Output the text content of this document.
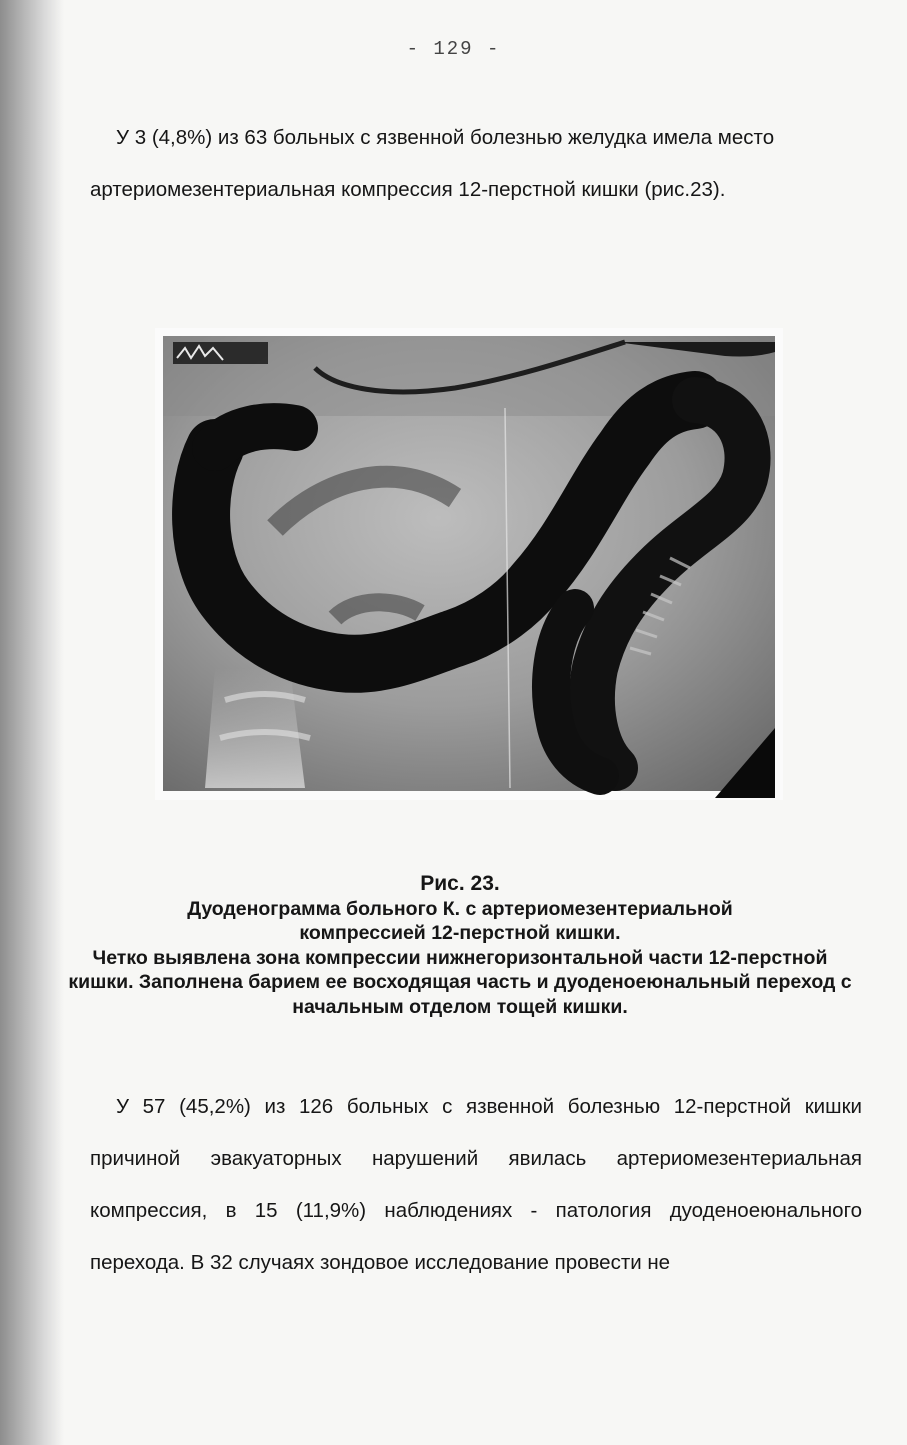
- 129 -

У 3 (4,8%) из 63 больных с язвенной болезнью желудка имела место артериомезентериальная компрессия 12-перстной кишки (рис.23).

Рис. 23.
Дуоденограмма больного К. с артериомезентериальной
компрессией 12-перстной кишки.
Четко выявлена зона компрессии нижнегоризонтальной части 12-перстной кишки. Заполнена барием ее восходящая часть и дуоденоеюнальный переход с начальным отделом тощей кишки.

У 57 (45,2%) из 126 больных с язвенной болезнью 12-перстной кишки причиной эвакуаторных нарушений явилась артериомезентериальная компрессия, в 15 (11,9%) наблюдениях - патология дуоденоеюнального перехода. В 32 случаях зондовое исследование провести не
